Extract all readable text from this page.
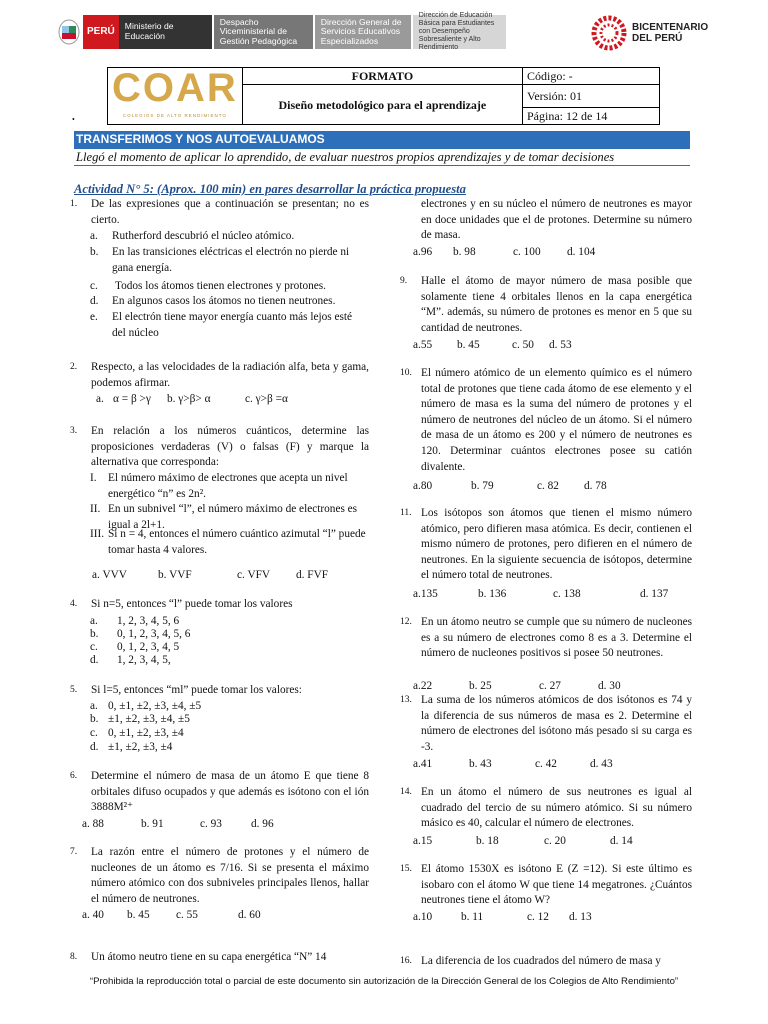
PERÚ	Ministerio de Educación
Despacho Viceministerial de Gestión Pedagógica
Dirección General de Servicios Educativos Especializados
Dirección de Educación Básica para Estudiantes con Desempeño Sobresaliente y Alto Rendimiento
BICENTENARIO
DEL PERÚ
COAR
COLEGIOS DE ALTO RENDIMIENTO	FORMATO	Código: -
	Diseño metodológico para el aprendizaje	Versión: 01
		Página: 12 de 14
•
TRANSFERIMOS Y NOS AUTOEVALUAMOS
Llegó el momento de aplicar lo aprendido, de evaluar nuestros propios aprendizajes y de tomar decisiones
Actividad N° 5: (Aprox. 100 min) en pares desarrollar la práctica propuesta
1. De las expresiones que a continuación se presentan; no es cierto.
a. Rutherford descubrió el núcleo atómico.
b. En las transiciones eléctricas el electrón no pierde ni gana energía.
c. Todos los átomos tienen electrones y protones.
d. En algunos casos los átomos no tienen neutrones.
e. El electrón tiene mayor energía cuanto más lejos esté del núcleo
2. Respecto, a las velocidades de la radiación alfa, beta y gama, podemos afirmar.
a. α = β >γ b. γ>β> α	c. γ>β =α
3. En relación a los números cuánticos, determine las proposiciones verdaderas (V) o falsas (F) y marque la alternativa que corresponda:
I. El número máximo de electrones que acepta un nivel energético “n” es 2n².
II. En un subnivel “l”, el número máximo de electrones es igual a 2l+1.
III. Si n = 4, entonces el número cuántico azimutal “l” puede tomar hasta 4 valores.
a. VVV	b. VVF	c. VFV d. FVF
4. Si n=5, entonces “l” puede tomar los valores
a. 1, 2, 3, 4, 5, 6
b. 0, 1, 2, 3, 4, 5, 6
c. 0, 1, 2, 3, 4, 5
d. 1, 2, 3, 4, 5,
5. Si l=5, entonces “ml” puede tomar los valores:
a. 0, ±1, ±2, ±3, ±4, ±5
b. ±1, ±2, ±3, ±4, ±5
c. 0, ±1, ±2, ±3, ±4
d. ±1, ±2, ±3, ±4
6. Determine el número de masa de un átomo E que tiene 8 orbitales difuso ocupados y que además es isótono con el ión 3888M²⁺
a. 88	b. 91	c. 93	d. 96
7. La razón entre el número de protones y el número de nucleones de un átomo es 7/16. Si se presenta el máximo número atómico con dos subniveles principales llenos, hallar el número de neutrones.
a. 40 b. 45 c. 55	d. 60
8. Un átomo neutro tiene en su capa energética “N” 14
electrones y en su núcleo el número de neutrones es mayor en doce unidades que el de protones. Determine su número de masa.
a.96 b. 98	c. 100 d. 104
9. Halle el átomo de mayor número de masa posible que solamente tiene 4 orbitales llenos en la capa energética “M”. además, su número de protones es menor en 5 que su cantidad de neutrones.
a.55 b. 45	c. 50 d. 53
10. El número atómico de un elemento químico es el número total de protones que tiene cada átomo de ese elemento y el número de masa es la suma del número de protones y el número de neutrones del núcleo de un átomo. Si el número de masa de un átomo es 200 y el número de neutrones es 120. Determinar cuántos electrones posee su catión divalente.
a.80	b. 79	c. 82 d. 78
11. Los isótopos son átomos que tienen el mismo número atómico, pero difieren masa atómica. Es decir, contienen el mismo número de protones, pero difieren en el número de neutrones. En la siguiente secuencia de isótopos, determine el número total de neutrones.
a.135	b. 136	c. 138	d. 137
12. En un átomo neutro se cumple que su número de nucleones es a su número de electrones como 8 es a 3. Determine el número de nucleones positivos si posee 50 neutrones.
a.22	b. 25	c. 27	d. 30
13. La suma de los números atómicos de dos isótonos es 74 y la diferencia de sus números de masa es 2. Determine el número de electrones del isótono más pesado si su carga es -3.
a.41	b. 43	c. 42	d. 43
14. En un átomo el número de sus neutrones es igual al cuadrado del tercio de su número atómico. Si su número másico es 40, calcular el número de electrones.
a.15	b. 18	c. 20	d. 14
15. El átomo 1530X es isótono E (Z =12). Si este último es isobaro con el átomo W que tiene 14 megatrones. ¿Cuántos neutrones tiene el átomo W?
a.10	b. 11	c. 12 d. 13
16. La diferencia de los cuadrados del número de masa y
“Prohibida la reproducción total o parcial de este documento sin autorización de la Dirección General de los Colegios de Alto Rendimiento”
